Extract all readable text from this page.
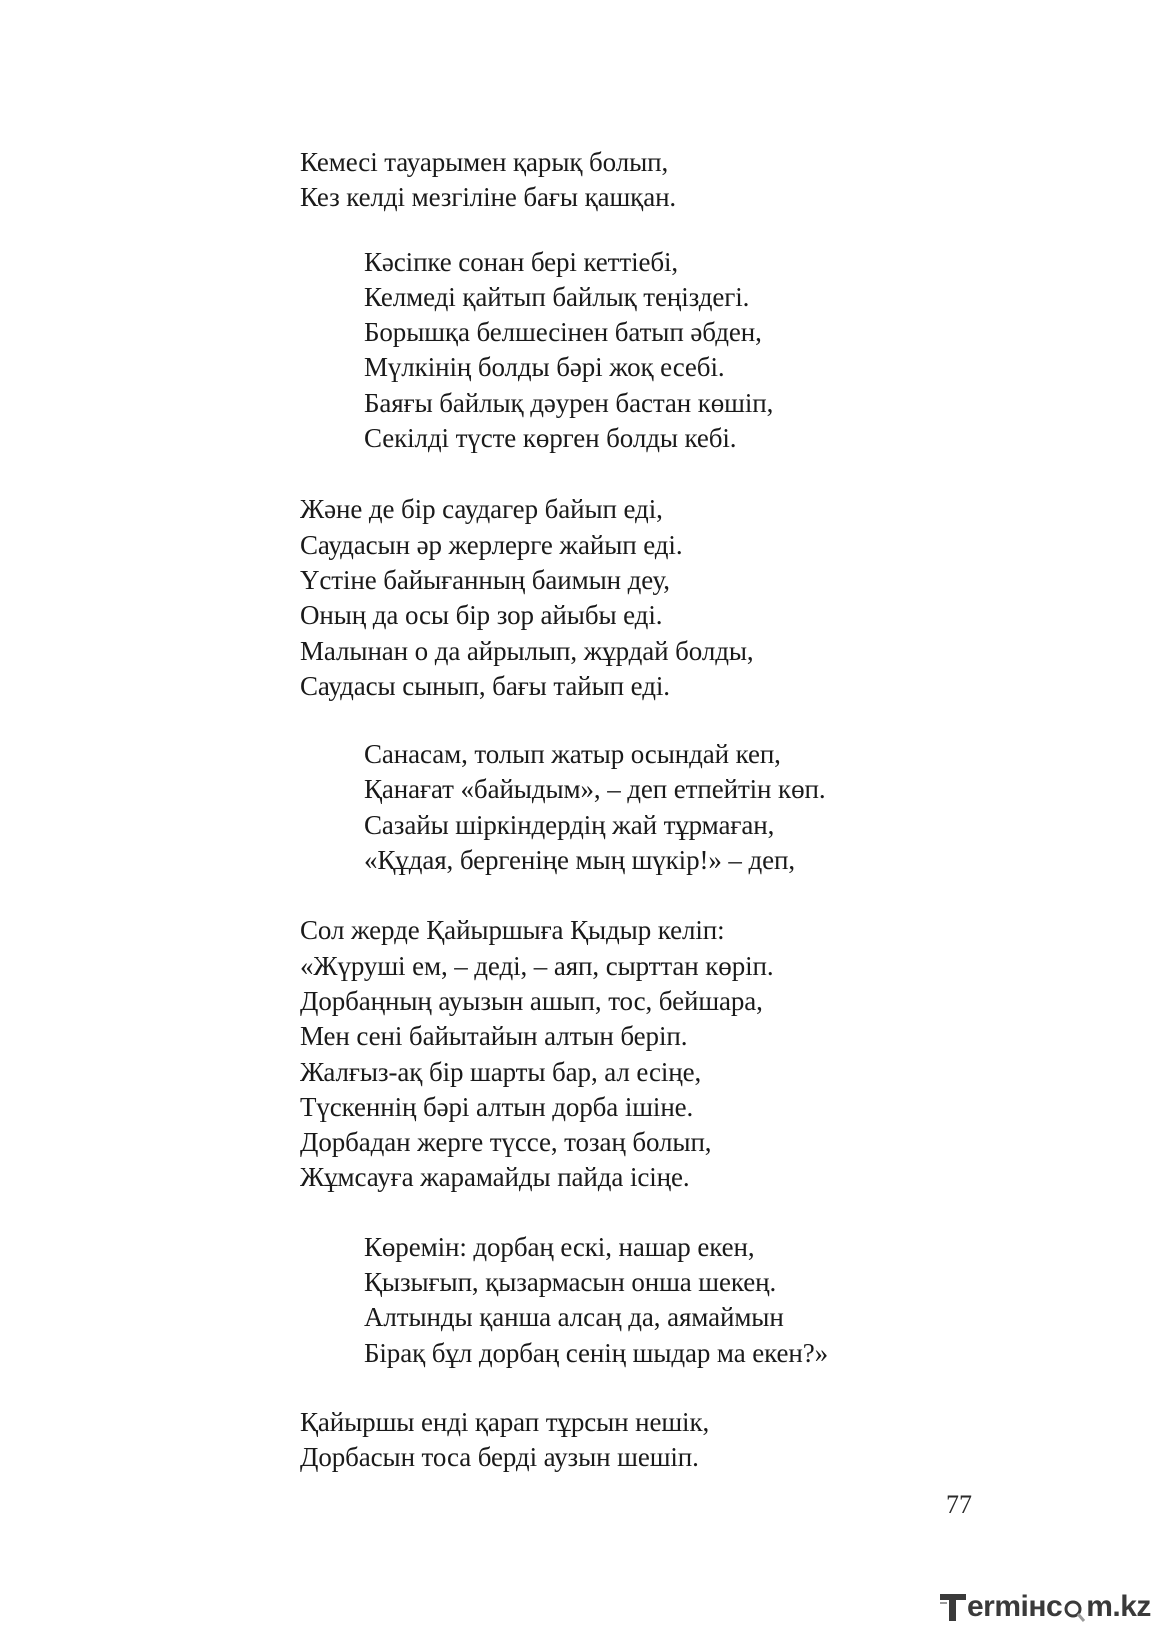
Кемесі тауарымен қарық болып,
Кез келді мезгіліне бағы қашқан.
Кәсіпке сонан бері кеттіебі,
Келмеді қайтып байлық теңіздегі.
Борышқа белшесінен батып әбден,
Мүлкінің болды бәрі жоқ есебі.
Баяғы байлық дәурен бастан көшіп,
Секілді түсте көрген болды кебі.
Және де бір саудагер байып еді,
Саудасын әр жерлерге жайып еді.
Үстіне байығанның баимын деу,
Оның да осы бір зор айыбы еді.
Малынан о да айрылып, жұрдай болды,
Саудасы сынып, бағы тайып еді.
Санасам, толып жатыр осындай кеп,
Қанағат «байыдым», – деп етпейтін көп.
Сазайы шіркіндердің жай тұрмаған,
«Құдая, бергеніңе мың шүкір!» – деп,
Сол жерде Қайыршыға Қыдыр келіп:
«Жүруші ем, – деді, – аяп, сырттан көріп.
Дорбаңның ауызын ашып, тос, бейшара,
Мен сені байытайын алтын беріп.
Жалғыз-ақ бір шарты бар, ал есіңе,
Түскеннің бәрі алтын дорба ішіне.
Дорбадан жерге түссе, тозаң болып,
Жұмсауға жарамайды пайда ісіңе.
Көремін: дорбаң ескі, нашар екен,
Қызығып, қызармасын онша шекең.
Алтынды қанша алсаң да, аямаймын
Бірақ бұл дорбаң сенің шыдар ма екен?»
Қайыршы енді қарап тұрсын нешік,
Дорбасын тоса берді аузын шешіп.
77
ermінc m.kz
